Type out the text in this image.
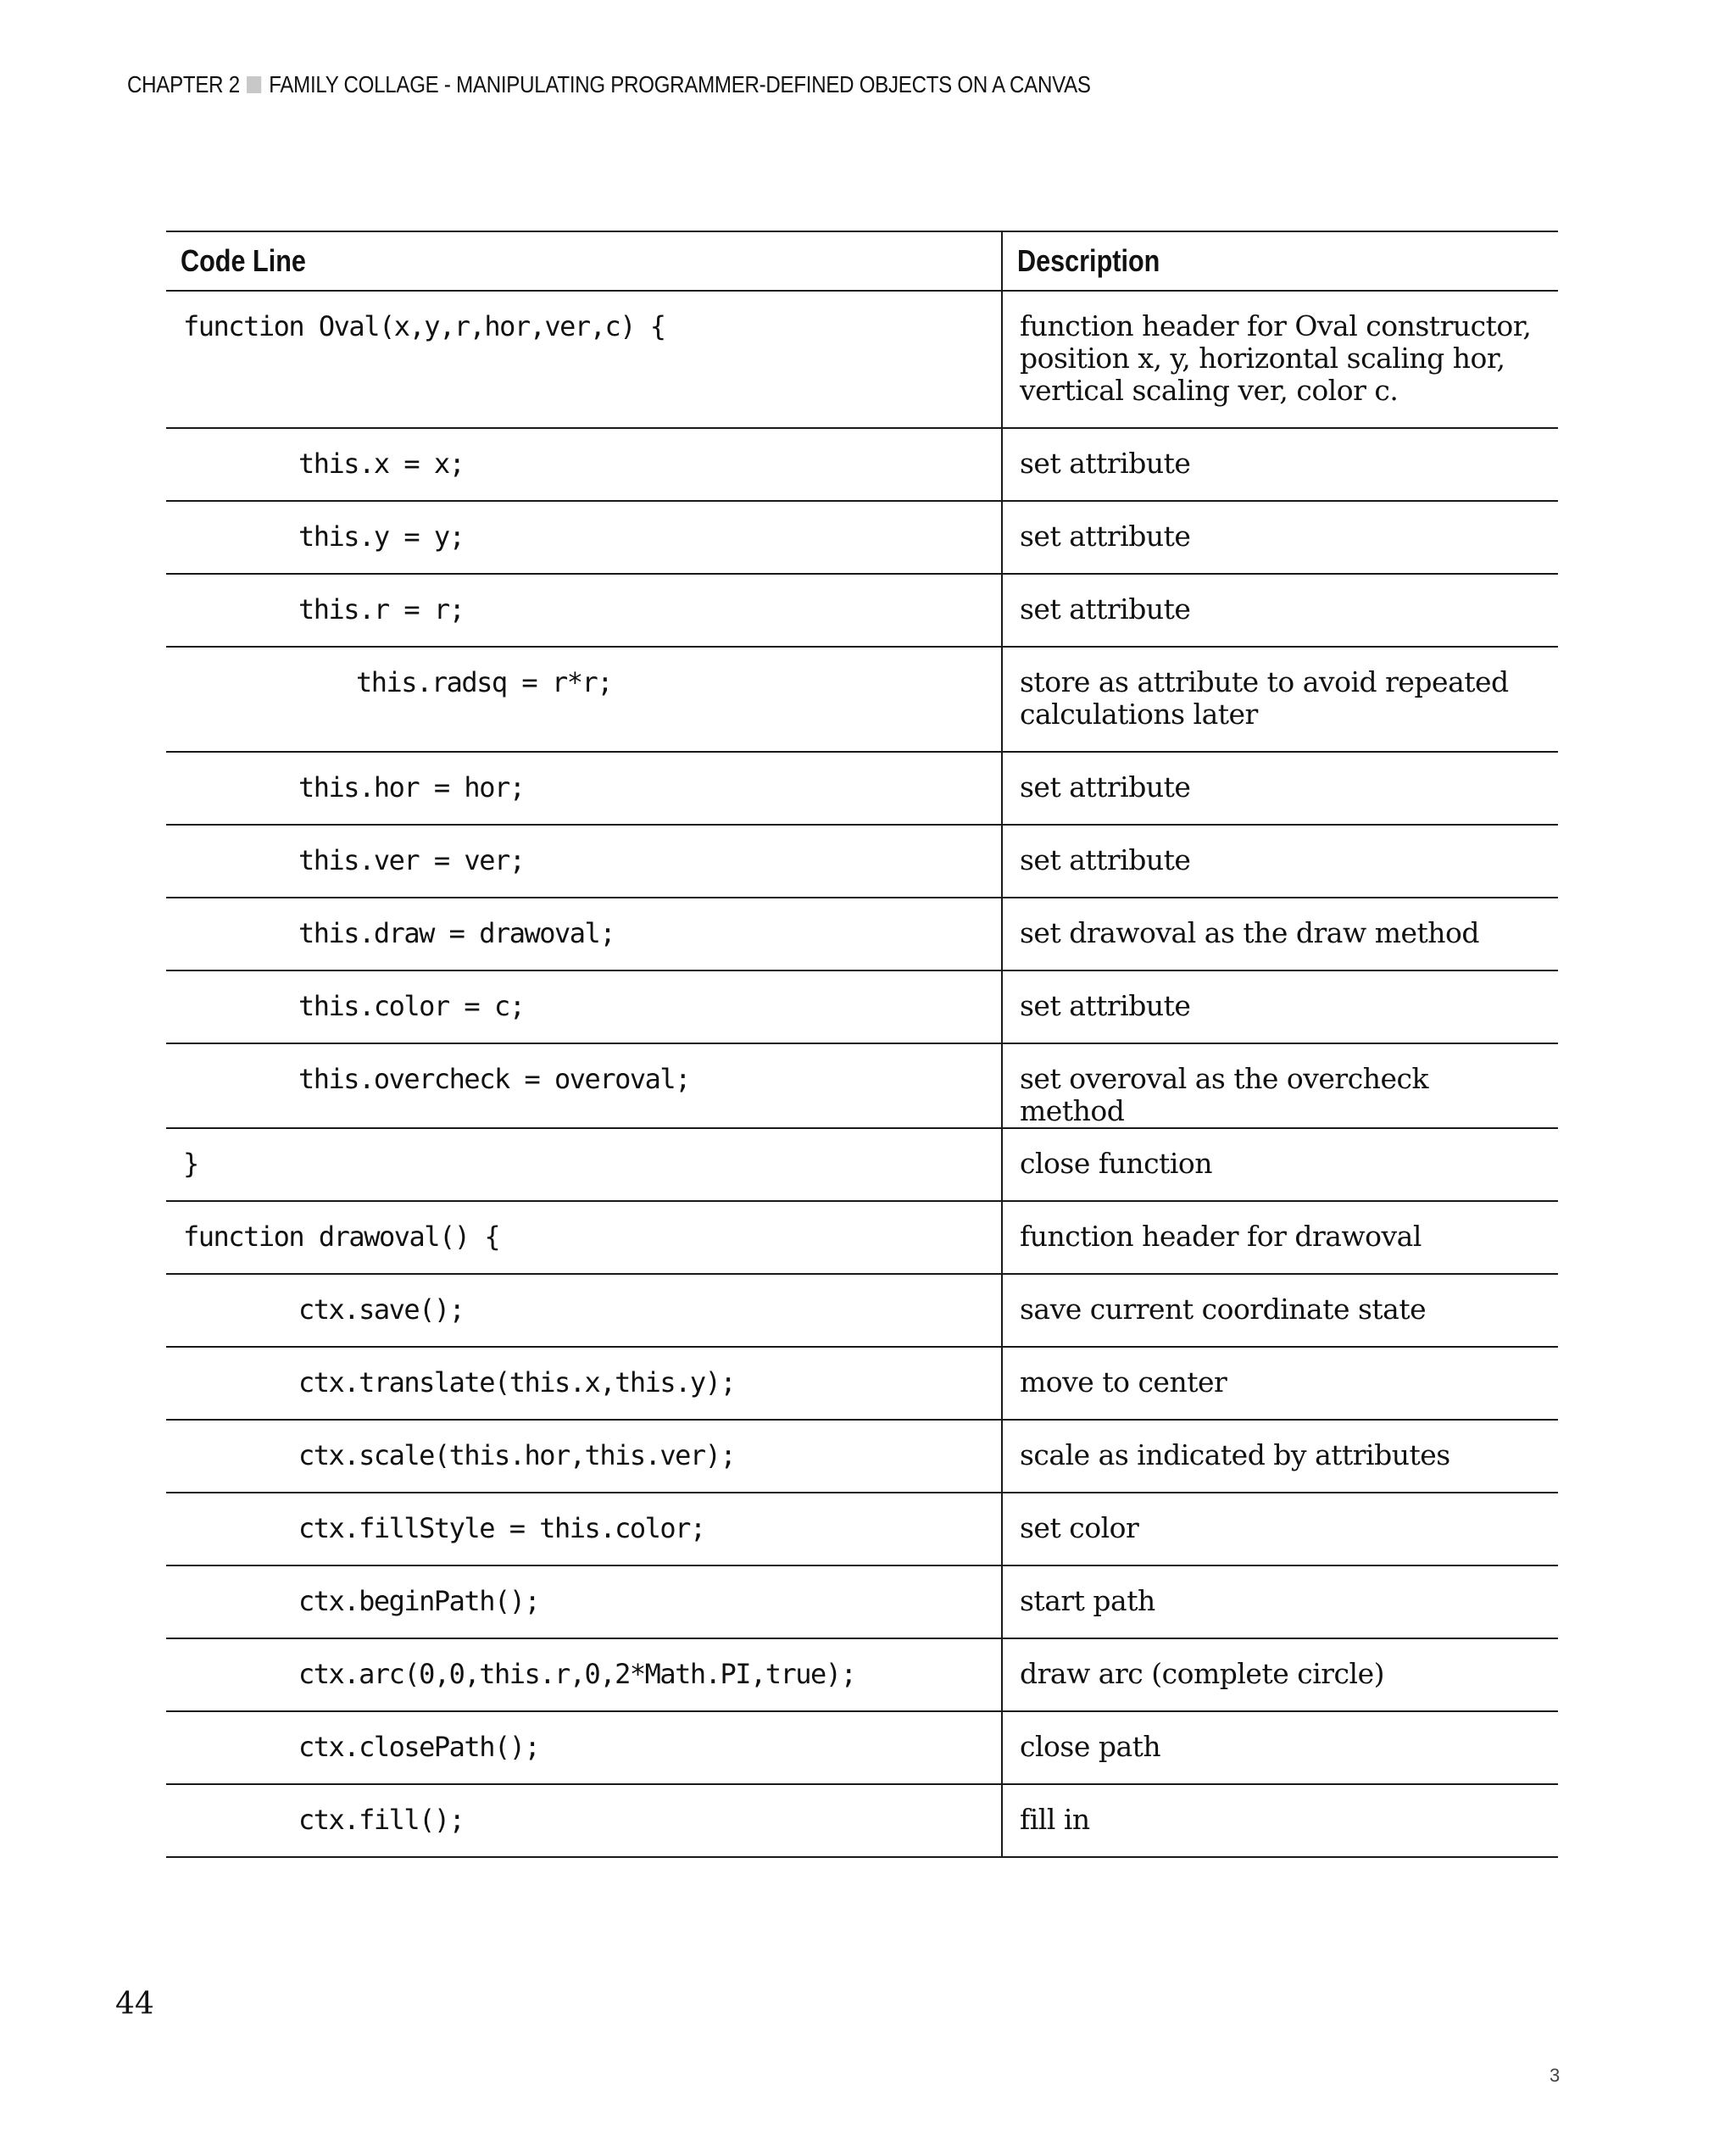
CHAPTER 2 FAMILY COLLAGE - MANIPULATING PROGRAMMER-DEFINED OBJECTS ON A CANVAS
Code Line	Description

function Oval(x,y,r,hor,ver,c) {	function header for Oval constructor, position x, y, horizontal scaling hor, vertical scaling ver, color c.

this.x = x;	set attribute

this.y = y;	set attribute

this.r = r;	set attribute

this.radsq = r*r;	store as attribute to avoid repeated calculations later

this.hor = hor;	set attribute

this.ver = ver;	set attribute

this.draw = drawoval;	set drawoval as the draw method

this.color = c;	set attribute

this.overcheck = overoval;	set overoval as the overcheck method

}	close function

function drawoval() {	function header for drawoval

ctx.save();	save current coordinate state

ctx.translate(this.x,this.y);	move to center

ctx.scale(this.hor,this.ver);	scale as indicated by attributes

ctx.fillStyle = this.color;	set color

ctx.beginPath();	start path

ctx.arc(0,0,this.r,0,2*Math.PI,true);	draw arc (complete circle)

ctx.closePath();	close path

ctx.fill();	fill in
44
3
